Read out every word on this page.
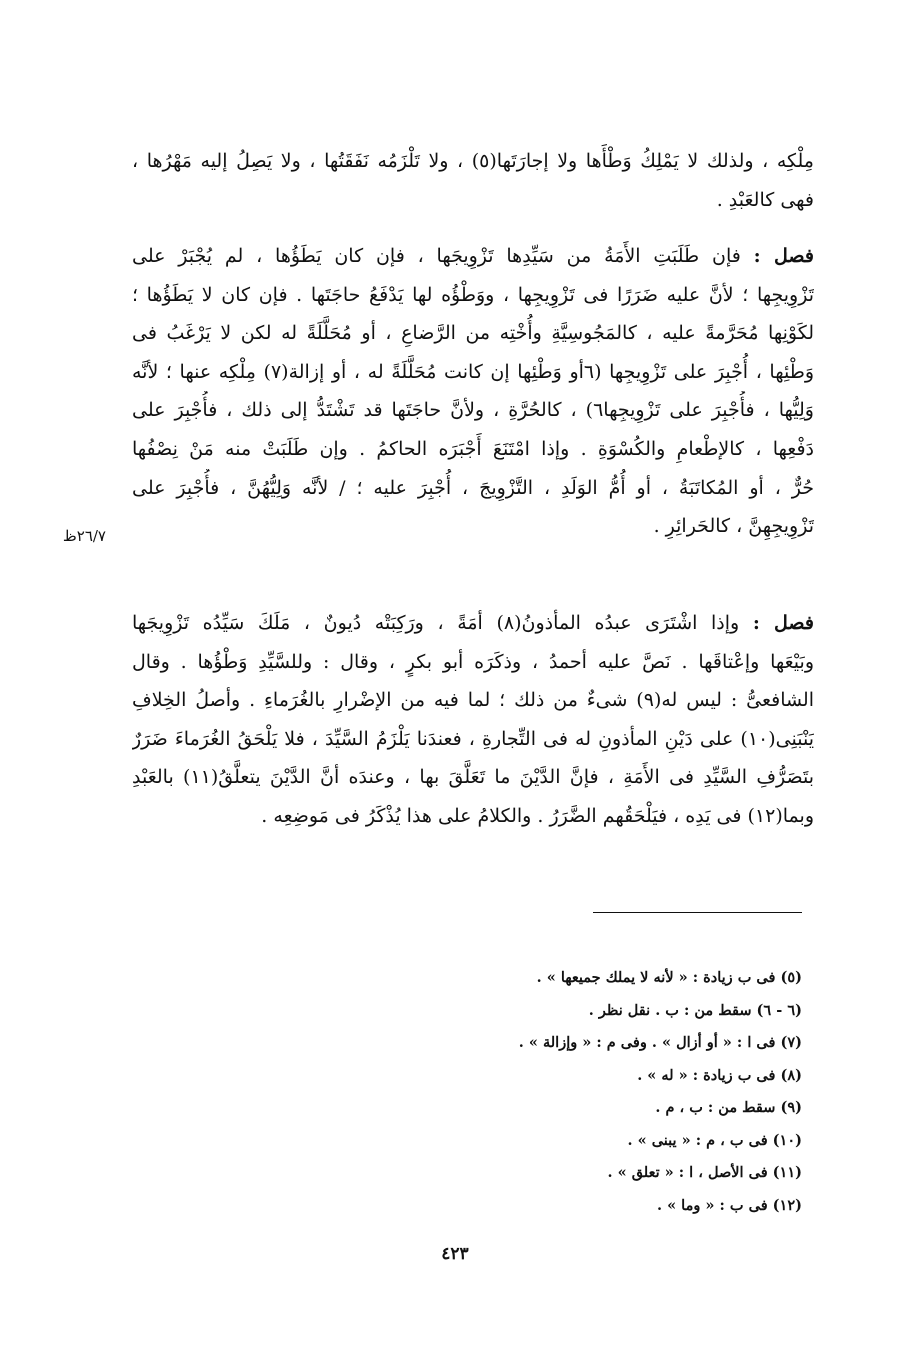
مِلْكِه ، ولذلك لا يَمْلِكُ وَطْأَها ولا إجارَتَها(٥) ، ولا تَلْزَمُه نَفَقَتُها ، ولا يَصِلُ إليه مَهْرُها ،
فهى كالعَبْدِ .
فصل : فإن طَلَبَتِ الأَمَةُ من سَيِّدِها تَزْوِيجَها ، فإن كان يَطَؤُها ، لم يُجْبَرْ على
تَزْوِيجِها ؛ لأنَّ عليه ضَرَرًا فى تَزْوِيجِها ، ووَطْؤُه لها يَدْفَعُ حاجَتَها . فإن كان لا يَطَؤُها ؛
لكَوْنِها مُحَرَّمةً عليه ، كالمَجُوسِيَّةِ وأُخْتِه من الرَّضاعِ ، أو مُحَلَّلَةً له لكن لا يَرْغَبُ فى
وَطْئِها ، أُجْبِرَ على تَزْوِيجِها (٦أو وَطْئِها إن كانت مُحَلَّلَةً له ، أو إزالة(٧) مِلْكِه عنها ؛ لأنَّه
وَلِيُّها ، فأُجْبِرَ على تَزْوِيجِها٦) ، كالحُرَّةِ ، ولأنَّ حاجَتَها قد تَشْتَدُّ إلى ذلك ، فأُجْبِرَ على
دَفْعِها ، كالإطْعامِ والكُسْوَةِ . وإذا امْتَنَعَ أَجْبَرَه الحاكمُ . وإن طَلَبَتْ منه مَنْ نِصْفُها
حُرٌّ ، أو المُكاتَبَةُ ، أو أُمُّ الوَلَدِ ، التَّزْوِيجَ ، أُجْبِرَ عليه ؛ / لأنَّه وَلِيُّهُنَّ ، فأُجْبِرَ على
تَزْوِيجِهِنَّ ، كالحَرائِرِ .
٢٦/٧ظ
فصل : وإذا اشْتَرَى عبدُه المأذونُ(٨) أمَةً ، ورَكِبَتْه دُيونٌ ، مَلَكَ سَيِّدُه تَزْوِيجَها
وبَيْعَها وإعْتاقَها . نَصَّ عليه أحمدُ ، وذكَرَه أبو بكرٍ ، وقال : وللسَّيِّدِ وَطْؤُها . وقال
الشافعىُّ : ليس له(٩) شىءٌ من ذلك ؛ لما فيه من الإضْرارِ بالغُرَماءِ . وأصلُ الخِلافِ
يَنْبَنِى(١٠) على دَيْنِ المأذونِ له فى التِّجارةِ ، فعندَنا يَلْزَمُ السَّيِّدَ ، فلا يَلْحَقُ الغُرَماءَ ضَرَرٌ
بتَصَرُّفِ السَّيِّدِ فى الأَمَةِ ، فإنَّ الدَّيْنَ ما تَعَلَّقَ بها ، وعندَه أنَّ الدَّيْنَ يتعلَّقُ(١١) بالعَبْدِ
وبما(١٢) فى يَدِه ، فيَلْحَقُهم الضَّرَرُ . والكلامُ على هذا يُذْكَرُ فى مَوضِعِه .
(٥) فى ب زيادة : « لأنه لا يملك جميعها » .
(٦ - ٦) سقط من : ب . نقل نظر .
(٧) فى ا : « أو أزال » . وفى م : « وإزالة » .
(٨) فى ب زيادة : « له » .
(٩) سقط من : ب ، م .
(١٠) فى ب ، م : « يبنى » .
(١١) فى الأصل ، ا : « تعلق » .
(١٢) فى ب : « وما » .
٤٢٣
